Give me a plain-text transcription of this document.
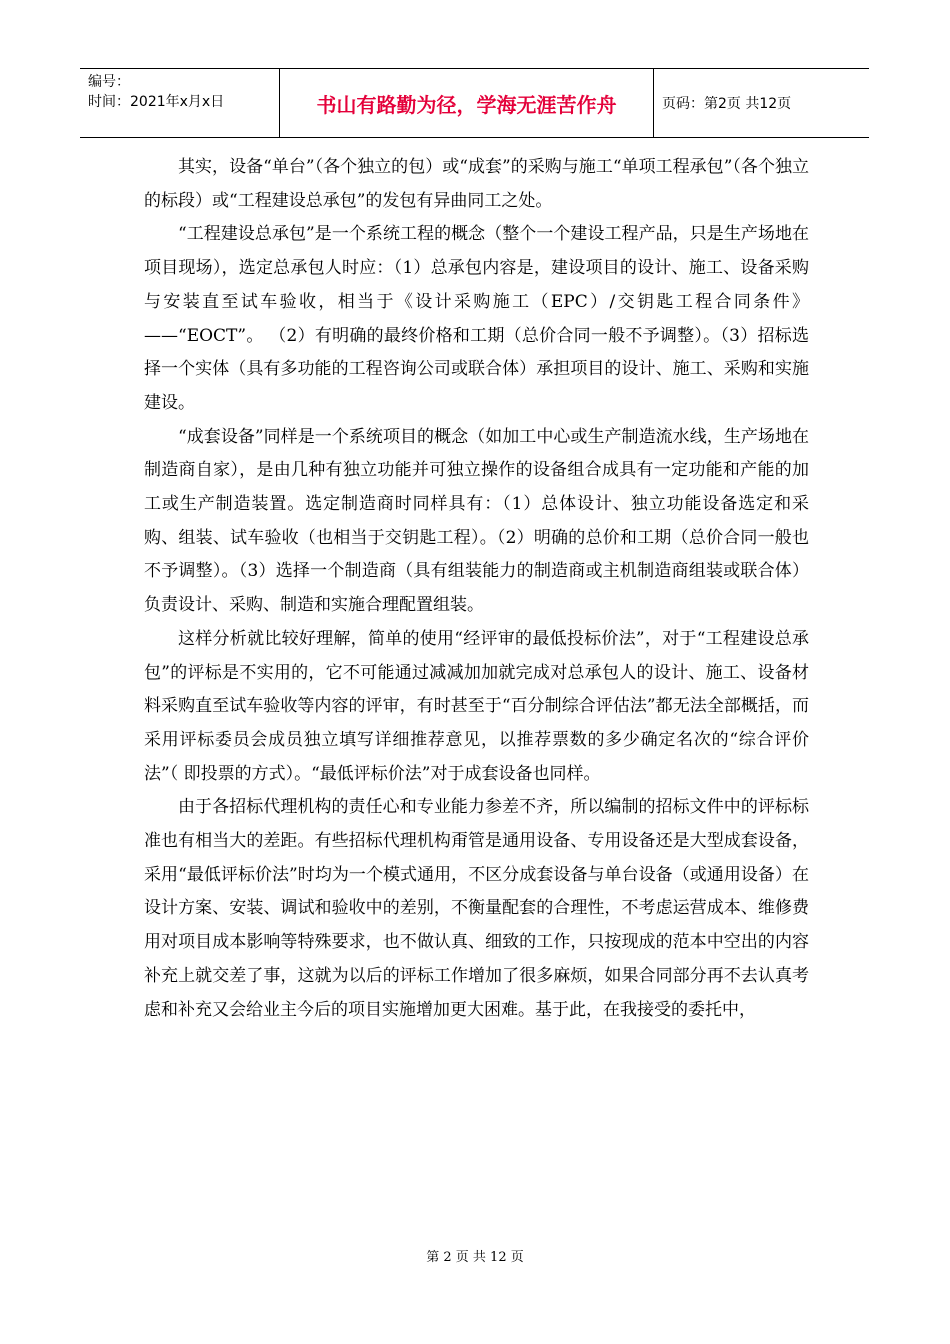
编号：
时间：2021年x月x日	书山有路勤为径，学海无涯苦作舟	页码：第2页 共12页

其实，设备“单台”（各个独立的包）或“成套”的采购与施工“单项工程承包”（各个独立的标段）或“工程建设总承包”的发包有异曲同工之处。

“工程建设总承包”是一个系统工程的概念（整个一个建设工程产品，只是生产场地在项目现场），选定总承包人时应：（1）总承包内容是，建设项目的设计、施工、设备采购与安装直至试车验收，相当于《设计采购施工（EPC）/交钥匙工程合同条件》——“EOCT”。 （2）有明确的最终价格和工期（总价合同一般不予调整）。（3）招标选择一个实体（具有多功能的工程咨询公司或联合体）承担项目的设计、施工、采购和实施建设。

“成套设备”同样是一个系统项目的概念（如加工中心或生产制造流水线，生产场地在制造商自家），是由几种有独立功能并可独立操作的设备组合成具有一定功能和产能的加工或生产制造装置。选定制造商时同样具有：（1）总体设计、独立功能设备选定和采购、组装、试车验收（也相当于交钥匙工程）。（2）明确的总价和工期（总价合同一般也不予调整）。（3）选择一个制造商（具有组装能力的制造商或主机制造商组装或联合体）负责设计、采购、制造和实施合理配置组装。

这样分析就比较好理解，简单的使用“经评审的最低投标价法”，对于“工程建设总承包”的评标是不实用的，它不可能通过减减加加就完成对总承包人的设计、施工、设备材料采购直至试车验收等内容的评审，有时甚至于“百分制综合评估法”都无法全部概括，而采用评标委员会成员独立填写详细推荐意见，以推荐票数的多少确定名次的“综合评价法”（ 即投票的方式）。“最低评标价法”对于成套设备也同样。

由于各招标代理机构的责任心和专业能力参差不齐，所以编制的招标文件中的评标标准也有相当大的差距。有些招标代理机构甭管是通用设备、专用设备还是大型成套设备，采用“最低评标价法”时均为一个模式通用，不区分成套设备与单台设备（或通用设备）在设计方案、安装、调试和验收中的差别，不衡量配套的合理性，不考虑运营成本、维修费用对项目成本影响等特殊要求，也不做认真、细致的工作，只按现成的范本中空出的内容补充上就交差了事，这就为以后的评标工作增加了很多麻烦，如果合同部分再不去认真考虑和补充又会给业主今后的项目实施增加更大困难。基于此，在我接受的委托中，

第 2 页 共 12 页
